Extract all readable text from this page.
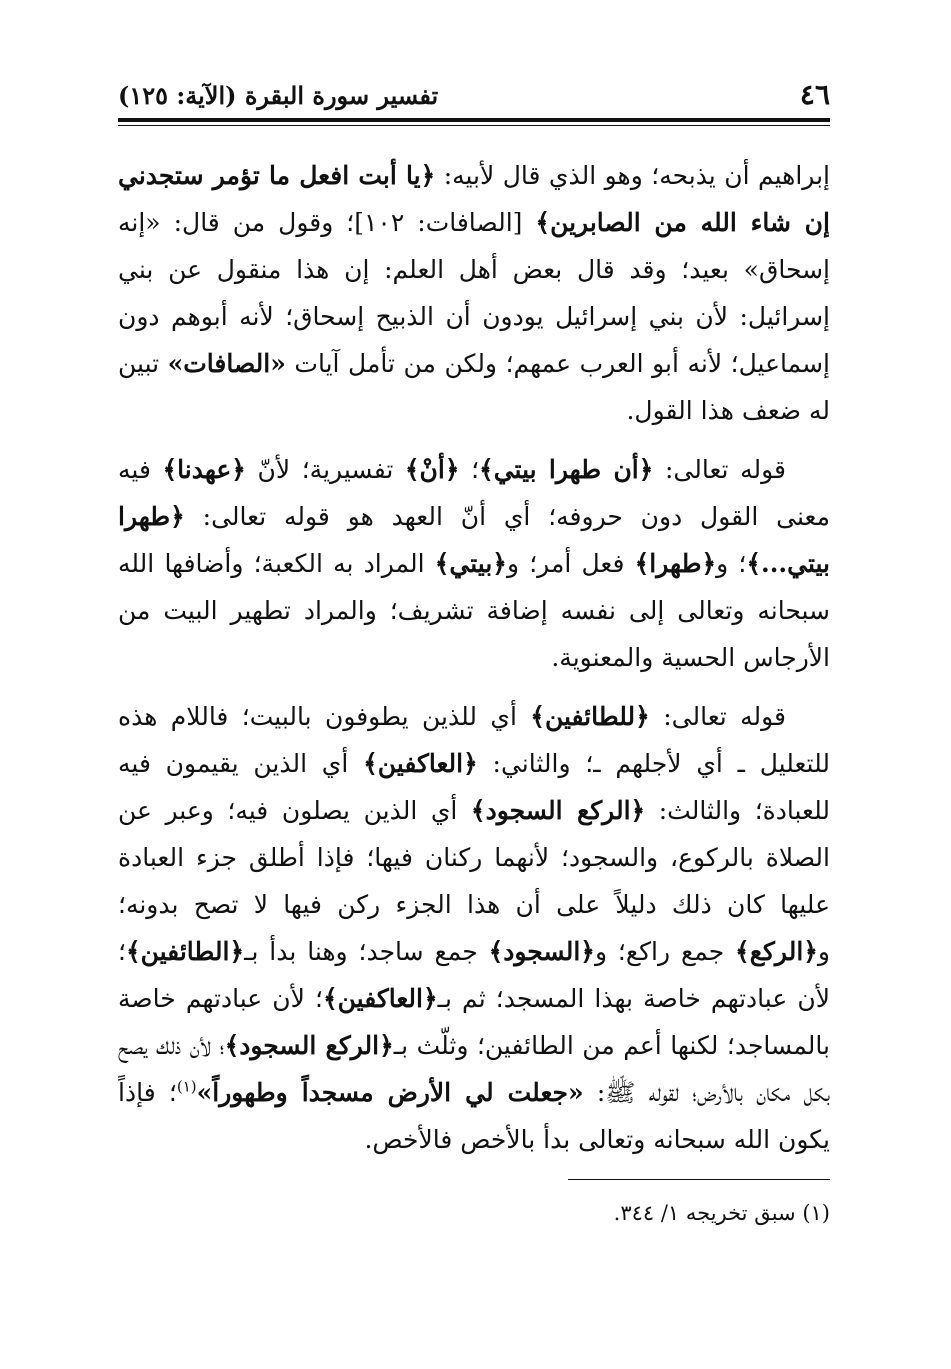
٤٦
تفسير سورة البقرة (الآية: ١٢٥)

إبراهيم أن يذبحه؛ وهو الذي قال لأبيه: ﴿يا أبت افعل ما تؤمر ستجدني إن شاء الله من الصابرين﴾ [الصافات: ١٠٢]؛ وقول من قال: «إنه إسحاق» بعيد؛ وقد قال بعض أهل العلم: إن هذا منقول عن بني إسرائيل: لأن بني إسرائيل يودون أن الذبيح إسحاق؛ لأنه أبوهم دون إسماعيل؛ لأنه أبو العرب عمهم؛ ولكن من تأمل آيات «الصافات» تبين له ضعف هذا القول.

قوله تعالى: ﴿أن طهرا بيتي﴾؛ ﴿أنْ﴾ تفسيرية؛ لأنّ ﴿عهدنا﴾ فيه معنى القول دون حروفه؛ أي أنّ العهد هو قوله تعالى: ﴿طهرا بيتي...﴾؛ و﴿طهرا﴾ فعل أمر؛ و﴿بيتي﴾ المراد به الكعبة؛ وأضافها الله سبحانه وتعالى إلى نفسه إضافة تشريف؛ والمراد تطهير البيت من الأرجاس الحسية والمعنوية.

قوله تعالى: ﴿للطائفين﴾ أي للذين يطوفون بالبيت؛ فاللام هذه للتعليل ـ أي لأجلهم ـ؛ والثاني: ﴿العاكفين﴾ أي الذين يقيمون فيه للعبادة؛ والثالث: ﴿الركع السجود﴾ أي الذين يصلون فيه؛ وعبر عن الصلاة بالركوع، والسجود؛ لأنهما ركنان فيها؛ فإذا أطلق جزء العبادة عليها كان ذلك دليلاً على أن هذا الجزء ركن فيها لا تصح بدونه؛ و﴿الركع﴾ جمع راكع؛ و﴿السجود﴾ جمع ساجد؛ وهنا بدأ بـ﴿الطائفين﴾؛ لأن عبادتهم خاصة بهذا المسجد؛ ثم بـ﴿العاكفين﴾؛ لأن عبادتهم خاصة بالمساجد؛ لكنها أعم من الطائفين؛ وثلّث بـ﴿الركع السجود﴾؛ لأن ذلك يصح بكل مكان بالأرض؛ لقوله ﷺ: «جعلت لي الأرض مسجداً وطهوراً»$^{(١)}$؛ فإذاً يكون الله سبحانه وتعالى بدأ بالأخص فالأخص.

(١) سبق تخريجه ١/ ٣٤٤.
